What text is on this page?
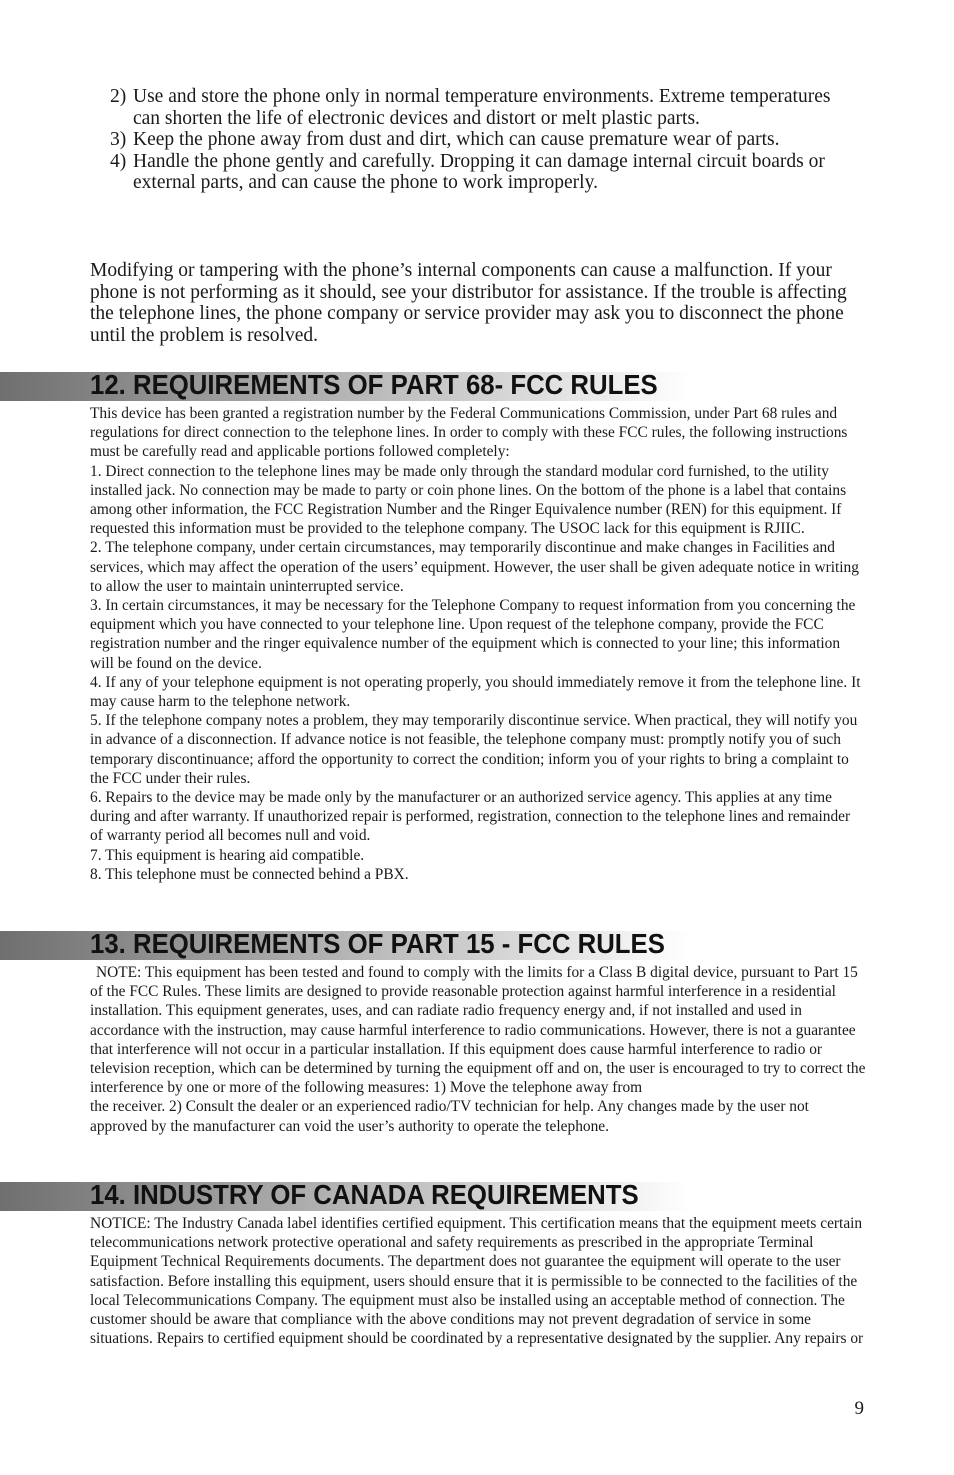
2) Use and store the phone only in normal temperature environments. Extreme temperatures can shorten the life of electronic devices and distort or melt plastic parts.
3) Keep the phone away from dust and dirt, which can cause premature wear of parts.
4) Handle the phone gently and carefully. Dropping it can damage internal circuit boards or external parts, and can cause the phone to work improperly.

Modifying or tampering with the phone’s internal components can cause a malfunction. If your phone is not performing as it should, see your distributor for assistance. If the trouble is affecting the telephone lines, the phone company or service provider may ask you to disconnect the phone until the problem is resolved.

12. REQUIREMENTS OF PART 68- FCC RULES

This device has been granted a registration number by the Federal Communications Commission, under Part 68 rules and regulations for direct connection to the telephone lines. In order to comply with these FCC rules, the following instructions must be carefully read and applicable portions followed completely:

1. Direct connection to the telephone lines may be made only through the standard modular cord furnished, to the utility installed jack. No connection may be made to party or coin phone lines. On the bottom of the phone is a label that contains among other information, the FCC Registration Number and the Ringer Equivalence number (REN) for this equipment. If requested this information must be provided to the telephone company. The USOC lack for this equipment is RJIIC.

2. The telephone company, under certain circumstances, may temporarily discontinue and make changes in Facilities and services, which may affect the operation of the users’ equipment. However, the user shall be given adequate notice in writing to allow the user to maintain uninterrupted service.

3. In certain circumstances, it may be necessary for the Telephone Company to request information from you concerning the equipment which you have connected to your telephone line. Upon request of the telephone company, provide the FCC registration number and the ringer equivalence number of the equipment which is connected to your line; this information will be found on the device.

4. If any of your telephone equipment is not operating properly, you should immediately remove it from the telephone line. It may cause harm to the telephone network.

5. If the telephone company notes a problem, they may temporarily discontinue service. When practical, they will notify you in advance of a disconnection. If advance notice is not feasible, the telephone company must: promptly notify you of such temporary discontinuance; afford the opportunity to correct the condition; inform you of your rights to bring a complaint to the FCC under their rules.

6. Repairs to the device may be made only by the manufacturer or an authorized service agency. This applies at any time during and after warranty. If unauthorized repair is performed, registration, connection to the telephone lines and remainder of warranty period all becomes null and void.

7. This equipment is hearing aid compatible.

8. This telephone must be connected behind a PBX.

13. REQUIREMENTS OF PART 15 - FCC RULES

NOTE: This equipment has been tested and found to comply with the limits for a Class B digital device, pursuant to Part 15 of the FCC Rules. These limits are designed to provide reasonable protection against harmful interference in a residential installation. This equipment generates, uses, and can radiate radio frequency energy and, if not installed and used in accordance with the instruction, may cause harmful interference to radio communications. However, there is not a guarantee that interference will not occur in a particular installation. If this equipment does cause harmful interference to radio or television reception, which can be determined by turning the equipment off and on, the user is encouraged to try to correct the interference by one or more of the following measures: 1) Move the telephone away from

the receiver. 2) Consult the dealer or an experienced radio/TV technician for help. Any changes made by the user not approved by the manufacturer can void the user’s authority to operate the telephone.

14. INDUSTRY OF CANADA REQUIREMENTS

NOTICE: The Industry Canada label identifies certified equipment. This certification means that the equipment meets certain telecommunications network protective operational and safety requirements as prescribed in the appropriate Terminal Equipment Technical Requirements documents. The department does not guarantee the equipment will operate to the user satisfaction. Before installing this equipment, users should ensure that it is permissible to be connected to the facilities of the local Telecommunications Company. The equipment must also be installed using an acceptable method of connection. The customer should be aware that compliance with the above conditions may not prevent degradation of service in some situations. Repairs to certified equipment should be coordinated by a representative designated by the supplier. Any repairs or

9
